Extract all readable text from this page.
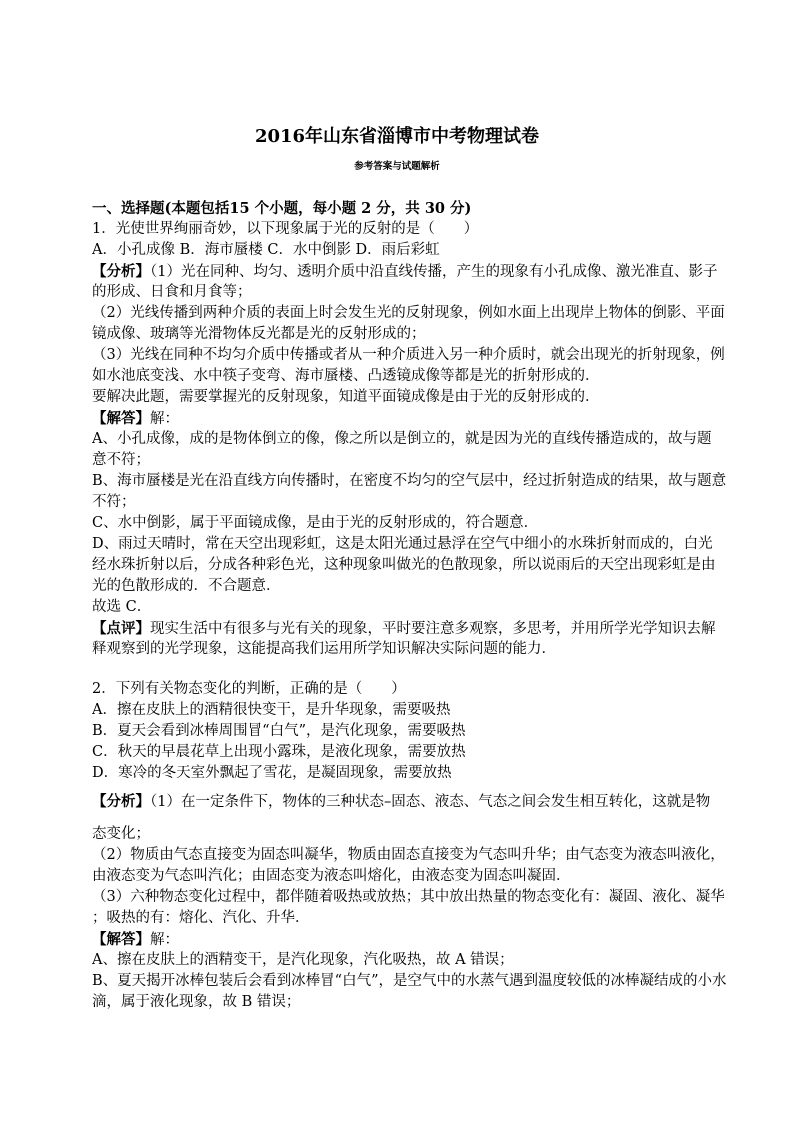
2016年山东省淄博市中考物理试卷
参考答案与试题解析
一、选择题(本题包括15 个小题，每小题 2 分，共 30 分)
1．光使世界绚丽奇妙，以下现象属于光的反射的是（　　）
A．小孔成像 B．海市蜃楼 C．水中倒影 D．雨后彩虹
【分析】（1）光在同种、均匀、透明介质中沿直线传播，产生的现象有小孔成像、激光准直、影子
的形成、日食和月食等；
（2）光线传播到两种介质的表面上时会发生光的反射现象，例如水面上出现岸上物体的倒影、平面
镜成像、玻璃等光滑物体反光都是光的反射形成的；
（3）光线在同种不均匀介质中传播或者从一种介质进入另一种介质时，就会出现光的折射现象，例
如水池底变浅、水中筷子变弯、海市蜃楼、凸透镜成像等都是光的折射形成的．
要解决此题，需要掌握光的反射现象，知道平面镜成像是由于光的反射形成的．
【解答】解：
A、小孔成像，成的是物体倒立的像，像之所以是倒立的，就是因为光的直线传播造成的，故与题
意不符；
B、海市蜃楼是光在沿直线方向传播时，在密度不均匀的空气层中，经过折射造成的结果，故与题意
不符；
C、水中倒影，属于平面镜成像，是由于光的反射形成的，符合题意．
D、雨过天晴时，常在天空出现彩虹，这是太阳光通过悬浮在空气中细小的水珠折射而成的，白光
经水珠折射以后，分成各种彩色光，这种现象叫做光的色散现象，所以说雨后的天空出现彩虹是由
光的色散形成的．不合题意．
故选 C．
【点评】现实生活中有很多与光有关的现象，平时要注意多观察，多思考，并用所学光学知识去解
释观察到的光学现象，这能提高我们运用所学知识解决实际问题的能力．
2．下列有关物态变化的判断，正确的是（　　）
A．擦在皮肤上的酒精很快变干，是升华现象，需要吸热
B．夏天会看到冰棒周围冒“白气”，是汽化现象，需要吸热
C．秋天的早晨花草上出现小露珠，是液化现象，需要放热
D．寒冷的冬天室外飘起了雪花，是凝固现象，需要放热
【分析】（1）在一定条件下，物体的三种状态–固态、液态、气态之间会发生相互转化，这就是物
态变化；
（2）物质由气态直接变为固态叫凝华，物质由固态直接变为气态叫升华；由气态变为液态叫液化，
由液态变为气态叫汽化；由固态变为液态叫熔化，由液态变为固态叫凝固．
（3）六种物态变化过程中，都伴随着吸热或放热；其中放出热量的物态变化有：凝固、液化、凝华
；吸热的有：熔化、汽化、升华．
【解答】解：
A、擦在皮肤上的酒精变干，是汽化现象，汽化吸热，故 A 错误；
B、夏天揭开冰棒包装后会看到冰棒冒“白气”，是空气中的水蒸气遇到温度较低的冰棒凝结成的小水
滴，属于液化现象，故 B 错误；
